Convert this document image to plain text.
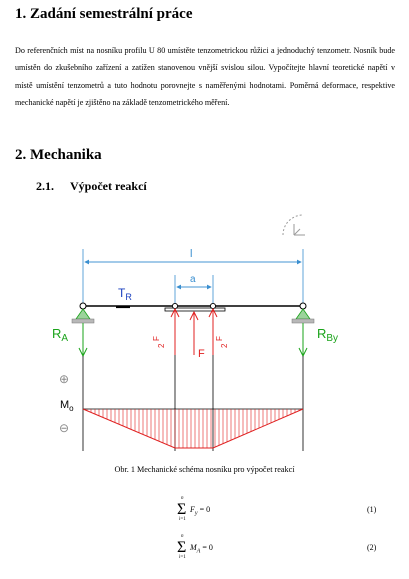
1. Zadání semestrální práce

Do referenčních míst na nosníku profilu U 80 umístěte tenzometrickou růžici a jednoduchý tenzometr. Nosník bude umístěn do zkušebního zařízení a zatížen stanovenou vnější svislou silou. Vypočítejte hlavní teoretické napětí v místě umístění tenzometrů a tuto hodnotu porovnejte s naměřenými hodnotami. Poměrná deformace, respektive mechanické napětí je zjištěno na základě tenzometrického měření.

2. Mechanika
2.1. Výpočet reakcí
l
a
$T_R$
$R_A$	$R_{By}$
F
2
F
2
F
⊕
⊖
$M_o$

Obr. 1 Mechanické schéma nosníku pro výpočet reakcí

n
Σ
i=1
$F_y = 0$	(1)
n
Σ
i=1
$M_A = 0$	(2)
